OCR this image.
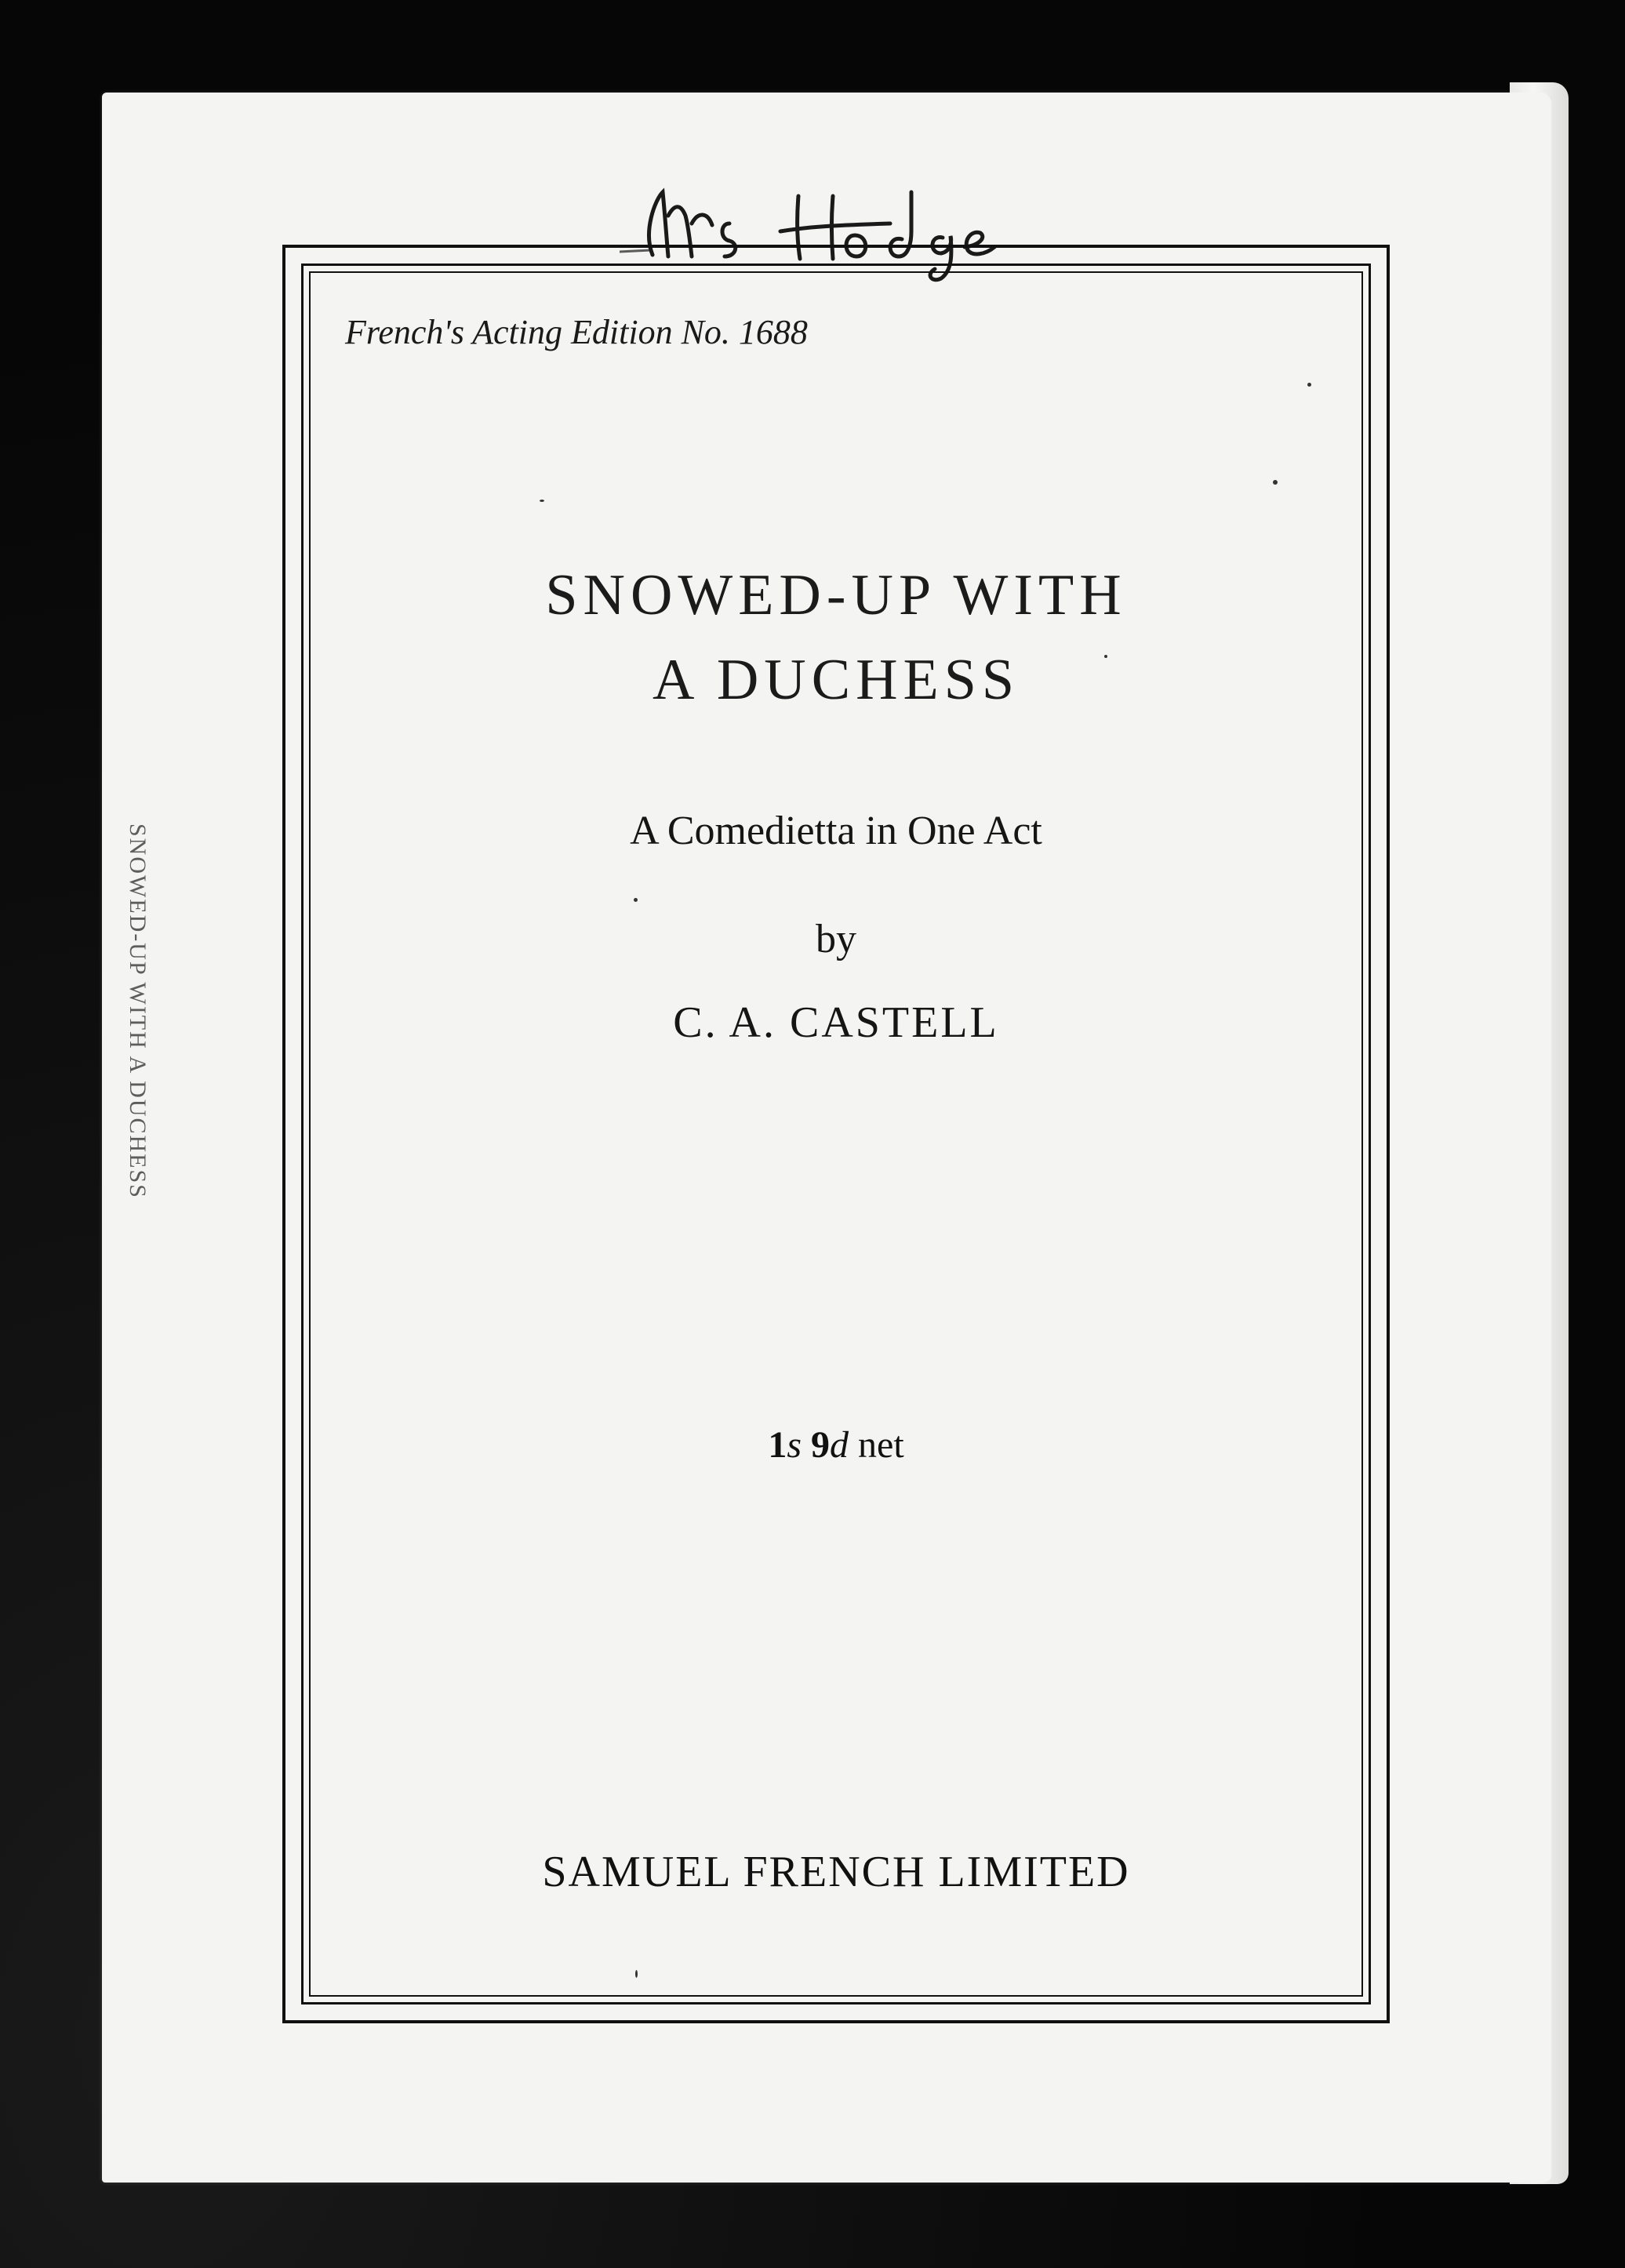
SNOWED-UP WITH A DUCHESS
French's Acting Edition No. 1688
SNOWED-UP WITH
A DUCHESS
A Comedietta in One Act
by
C. A. CASTELL
1s 9d net
SAMUEL FRENCH LIMITED
